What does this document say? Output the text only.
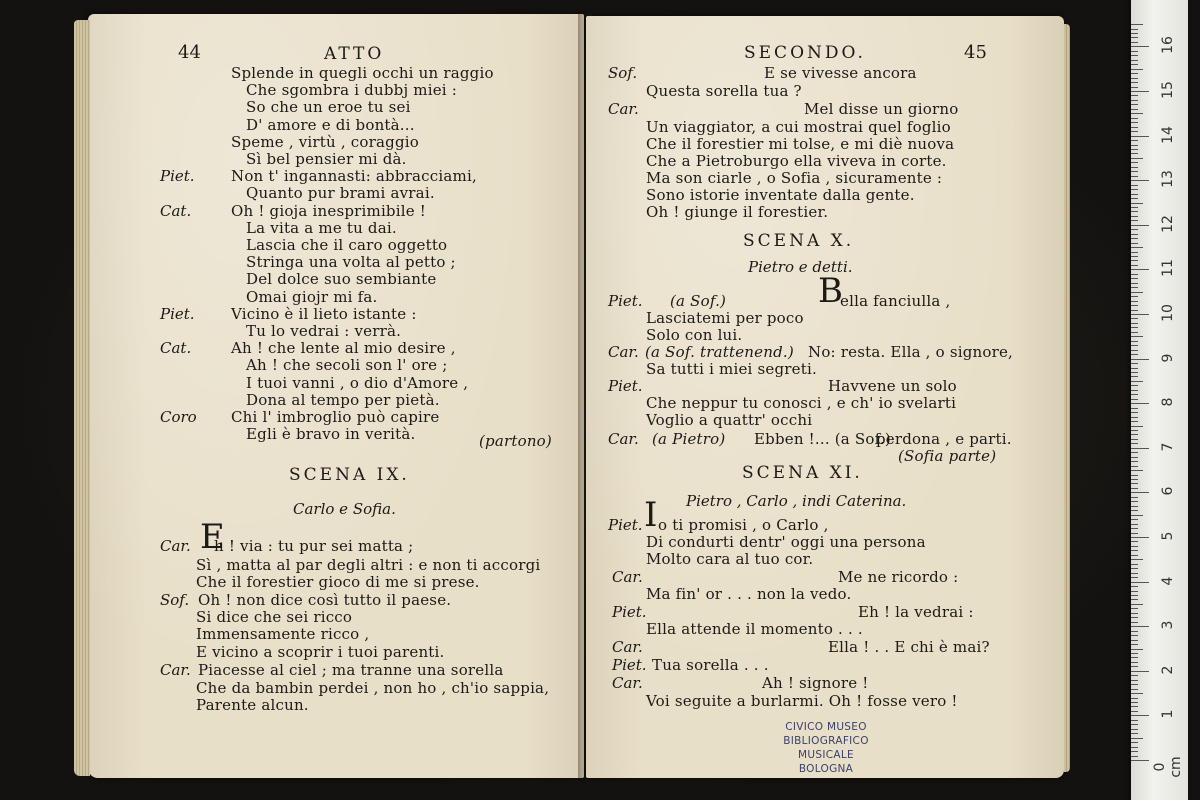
44	ATTO
Splende in quegli occhi un raggio
Che sgombra i dubbj miei :
So che un eroe tu sei
D' amore e di bontà...
Speme , virtù , coraggio
Sì bel pensier mi dà.
Piet. Non t' ingannasti: abbracciami,
Quanto pur brami avrai.
Cat.	Oh ! gioja inesprimibile !
La vita a me tu dai.
Lascia che il caro oggetto
Stringa una volta al petto ;
Del dolce suo sembiante
Omai giojr mi fa.
Piet. Vicino è il lieto istante :
Tu lo vedrai : verrà.
Cat.	Ah ! che lente al mio desire ,
Ah ! che secoli son l' ore ;
I tuoi vanni , o dio d'Amore ,
Dona al tempo per pietà.
Coro Chi l' imbroglio può capire
Egli è bravo in verità.	(partono)
SCENA IX.
Carlo e Sofia.
E
Car. h ! via : tu pur sei matta ;
Sì , matta al par degli altri : e non ti accorgi
Che il forestier gioco di me si prese.
Sof. Oh ! non dice così tutto il paese.
Si dice che sei ricco
Immensamente ricco ,
E vicino a scoprir i tuoi parenti.
Car. Piacesse al ciel ; ma tranne una sorella
Che da bambin perdei , non ho , ch'io sappia,
Parente alcun.
SECONDO.	45
Sof.	E se vivesse ancora
Questa sorella tua ?
Car.	Mel disse un giorno
Un viaggiator, a cui mostrai quel foglio
Che il forestier mi tolse, e mi diè nuova
Che a Pietroburgo ella viveva in corte.
Ma son ciarle , o Sofia , sicuramente :
Sono istorie inventate dalla gente.
Oh ! giunge il forestier.
SCENA X.
Pietro e detti.
Piet. (a Sof.)	B
ella fanciulla ,
Lasciatemi per poco
Solo con lui.
Car. (a Sof. trattenend.) No: resta. Ella , o signore,
Sa tutti i miei segreti.
Piet.	Havvene un solo
Che neppur tu conosci , e ch' io svelarti
Voglio a quattr' occhi
Car. (a Pietro) Ebben !... (a Sof.)
perdona , e parti.
(Sofia parte)
SCENA XI.
Pietro , Carlo , indi Caterina.
Piet. I o ti promisi , o Carlo ,
Di condurti dentr' oggi una persona
Molto cara al tuo cor.
Car.	Me ne ricordo :
Ma fin' or . . . non la vedo.
Piet.	Eh ! la vedrai :
Ella attende il momento . . .
Car.	Ella ! . . E chi è mai?
Piet. Tua sorella . . .
Car.	Ah ! signore !
Voi seguite a burlarmi. Oh ! fosse vero !
CIVICO MUSEO
BIBLIOGRAFICO MUSICALE
BOLOGNA	0 cm
1
2
3
4
5
6
7
8
9
10
11
12
13
14
15
16
